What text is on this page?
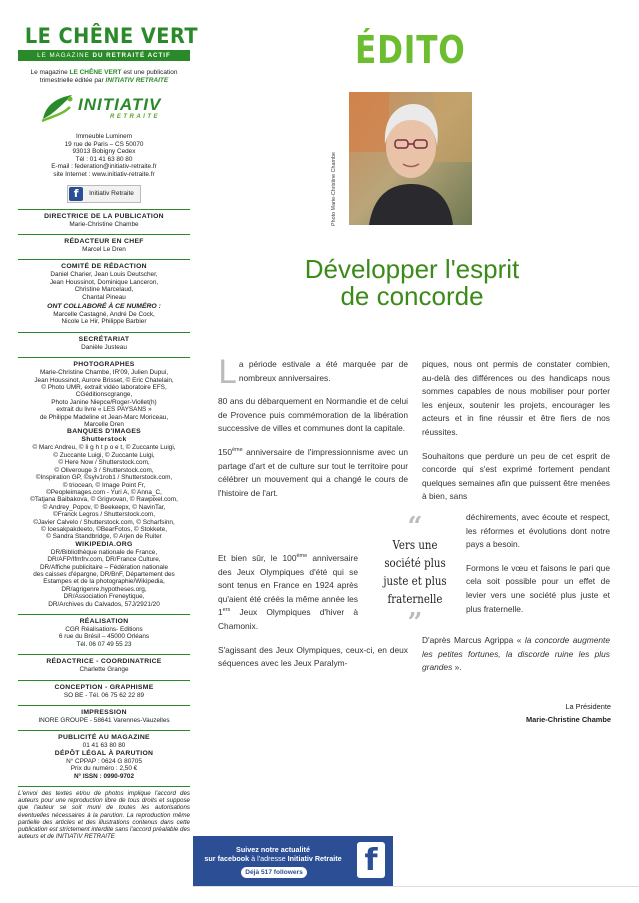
LE CHÊNE VERT
LE MAGAZINE DU RETRAITÉ ACTIF
Le magazine LE CHÊNE VERT est une publication trimestrielle éditée par INITIATIV RETRAITE
INITIATIV
RETRAITE
Immeuble Luminem
19 rue de Paris – CS 50070
93013 Bobigny Cedex
Tél : 01 41 63 80 80
E-mail : federation@initiativ-retraite.fr
site Internet : www.initiativ-retraite.fr
f	Initiativ Retraite
DIRECTRICE DE LA PUBLICATION
Marie-Christine Chambe
RÉDACTEUR EN CHEF
Marcel Le Dren
COMITÉ DE RÉDACTION
Daniel Charier, Jean Louis Deutscher,
Jean Houssinot, Dominique Lanceron,
Christine Marcelaud,
Chantal Pineau
ONT COLLABORÉ À CE NUMÉRO :
Marcelle Castagné, André De Cock,
Nicole Le Hir, Philippe Barbier
SECRÉTARIAT
Danièle Justeau
PHOTOGRAPHES
Marie-Christine Chambe, IR'09, Julien Dupui,
Jean Houssinot, Aurore Brisset, © Eric Chatelain,
© Photo UMR, extrait vidéo laboratoire EFS,
CGéditionscgrange,
Photo Janine Niepce/Roger-Viollet(h)
extrait du livre « LES PAYSANS »
de Philippe Madeline et Jean-Marc Moriceau,
Marcelle Dren
BANQUES D'IMAGES
Shutterstock
© Marc Andreu, © Ii g h t p o e t, © Zuccante Luigi,
© Zuccante Luigi, © Zuccante Luigi,
© Here Now / Shutterstock.com,
© Oliverouge 3 / Shutterstock.com,
©Inspiration GP, ©sylv1rob1 / Shutterstock.com,
© triocean, © Image Point Fr,
©Peopleimages.com - Yuri A, © Anna_C,
©Tatjana Baibakova, © Grigvovan, © Rawpixel.com,
© Andrey_Popov, © Beekeepx, © NavinTar,
©Franck Legros / Shutterstock.com,
©Javier Calvelo / Shutterstock.com, © Scharfsinn,
© Ioesakpakdeeto, ©BearFotos, © Stokkete,
© Sandra Standbridge, © Arjen de Ruiter
WIKIPEDIA.ORG
DR/Bibliothèque nationale de France,
DR/AFP/Ifmfrv.com, DR/France Culture,
DR/Affiche publicitaire – Fédération nationale
des caisses d'épargne, DR/BnF, Département des
Estampes et de la photographie/Wikipedia,
DR/agrigenre.hypotheses.org,
DR/Association Freneytique,
DR/Archives du Calvados, 57J/2921/20
RÉALISATION
CGR Réalisations- Editions
6 rue du Brésil – 45000 Orléans
Tél. 06 07 49 55 23
RÉDACTRICE - COORDINATRICE
Charlette Grange
CONCEPTION - GRAPHISME
SO BE - Tél. 06 75 62 22 89
IMPRESSION
INORE GROUPE - 58641 Varennes-Vauzelles
PUBLICITÉ AU MAGAZINE
01 41 63 80 80
DÉPÔT LÉGAL À PARUTION
N° CPPAP : 0624 G 80705
Prix du numéro : 2,50 €
N° ISSN : 0990-9702
L'envoi des textes et/ou de photos implique l'accord des auteurs pour une reproduction libre de tous droits et suppose que l'auteur se soit muni de toutes les autorisations éventuelles nécessaires à la parution. La reproduction même partielle des articles et des illustrations contenus dans cette publication est strictement interdite sans l'accord préalable des auteurs et de INITIATIV RETRAITE
ÉDITO
Photo Marie-Christine Chambe
Développer l'esprit
de concorde

La période estivale a été marquée par de nombreux anniversaires.

80 ans du débarquement en Normandie et de celui de Provence puis commémoration de la libération successive de villes et communes dont la capitale.

150ème anniversaire de l'impressionnisme avec un partage d'art et de culture sur tout le territoire pour célébrer un mouvement qui a changé le cours de l'histoire de l'art.

Et bien sûr, le 100ème anniversaire des Jeux Olympiques d'été qui se sont tenus en France en 1924 après qu'aient été créés la même année les 1ers Jeux Olympiques d'hiver à Chamonix.

S'agissant des Jeux Olympiques, ceux-ci, en deux séquences avec les Jeux Paralym-

piques, nous ont permis de constater combien, au-delà des différences ou des handicaps nous sommes capables de nous mobiliser pour porter les enjeux, soutenir les projets, encourager les acteurs et in fine réussir et être fiers de nos réussites.

Souhaitons que perdure un peu de cet esprit de concorde qui s'est exprimé fortement pendant quelques semaines afin que puissent être menées à bien, sans

déchirements, avec écoute et respect, les réformes et évolutions dont notre pays a besoin.

Formons le vœu et faisons le pari que cela soit possible pour un effet de levier vers une société plus juste et plus fraternelle.

D'après Marcus Agrippa « la concorde augmente les petites fortunes, la discorde ruine les plus grandes ».
“
Vers une société plus juste et plus fraternelle
”
La Présidente
Marie-Christine Chambe
Suivez notre actualité
sur facebook à l'adresse Initiativ Retraite
Déjà 517 followers f
